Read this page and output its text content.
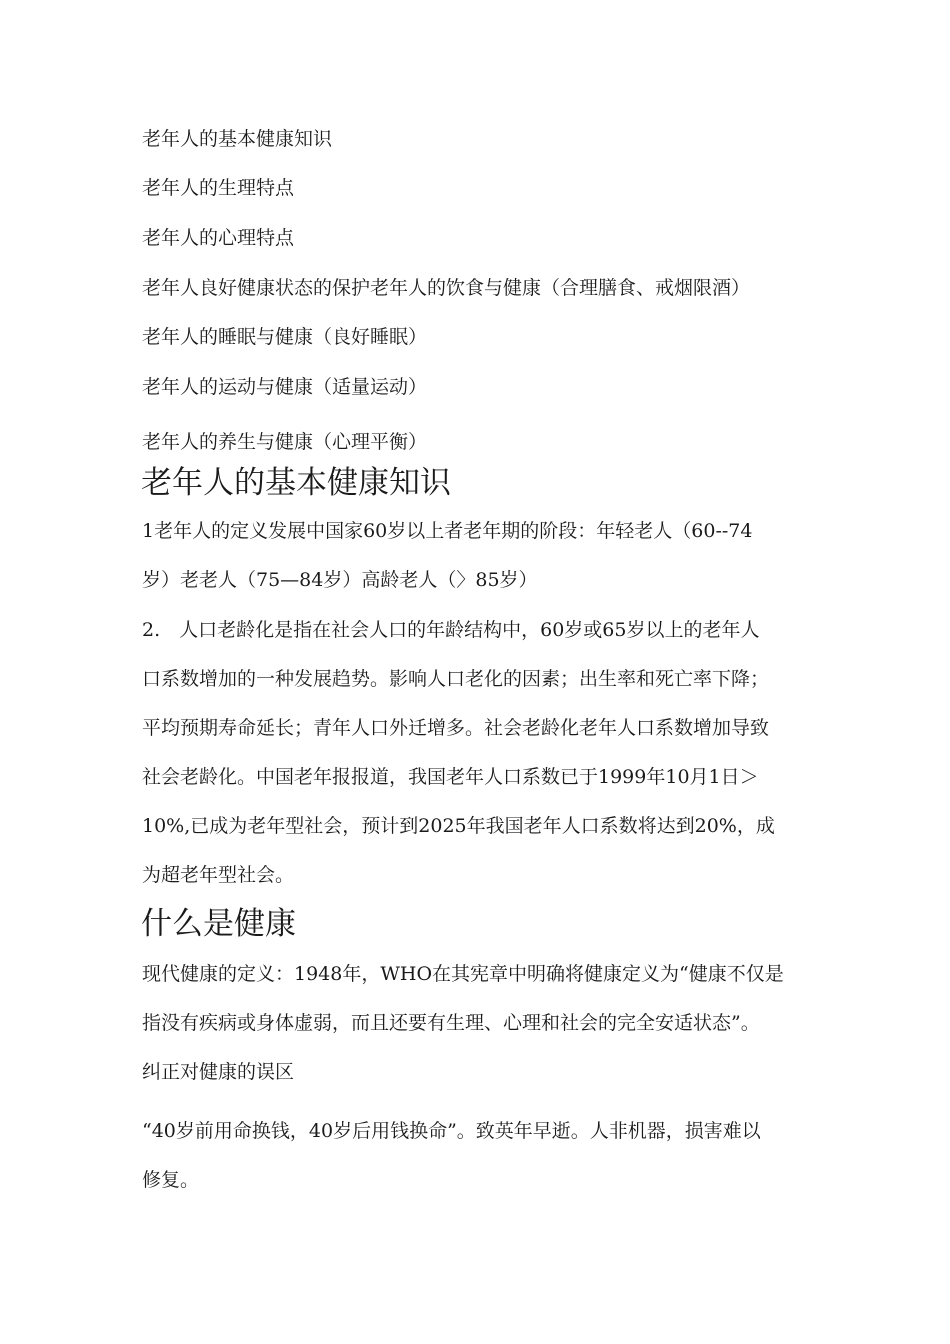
老年人的基本健康知识
老年人的生理特点
老年人的心理特点
老年人良好健康状态的保护老年人的饮食与健康（合理膳食、戒烟限酒）
老年人的睡眠与健康（良好睡眠）
老年人的运动与健康（适量运动）
老年人的养生与健康（心理平衡）
老年人的基本健康知识
1老年人的定义发展中国家60岁以上者老年期的阶段：年轻老人（60--74
岁）老老人（75—84岁）高龄老人（〉85岁）
2.　人口老龄化是指在社会人口的年龄结构中，60岁或65岁以上的老年人
口系数增加的一种发展趋势。影响人口老化的因素；出生率和死亡率下降；
平均预期寿命延长；青年人口外迁增多。社会老龄化老年人口系数增加导致
社会老龄化。中国老年报报道，我国老年人口系数已于1999年10月1日＞
10%,已成为老年型社会，预计到2025年我国老年人口系数将达到20%，成
为超老年型社会。
什么是健康
现代健康的定义：1948年，WHO在其宪章中明确将健康定义为“健康不仅是
指没有疾病或身体虚弱，而且还要有生理、心理和社会的完全安适状态”。
纠正对健康的误区
“40岁前用命换钱，40岁后用钱换命”。致英年早逝。人非机器，损害难以
修复。
